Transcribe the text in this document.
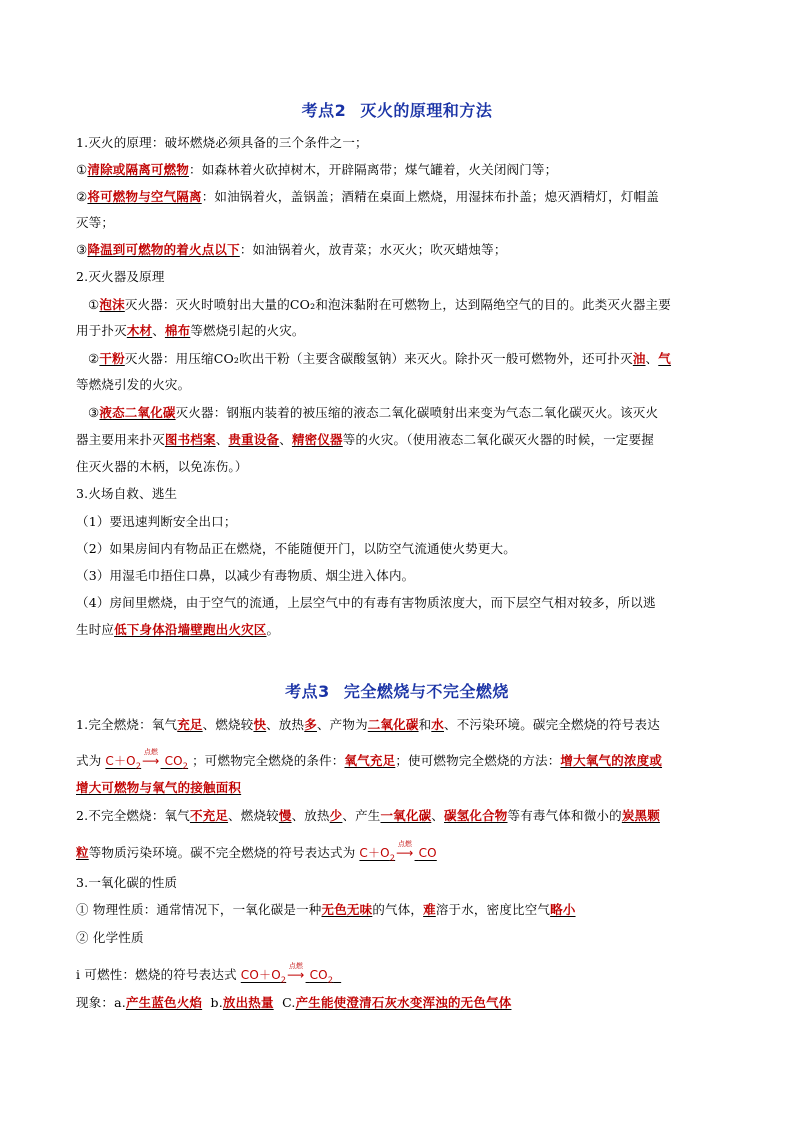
考点2 灭火的原理和方法
1.灭火的原理：破坏燃烧必须具备的三个条件之一；
①清除或隔离可燃物：如森林着火砍掉树木，开辟隔离带；煤气罐着，火关闭阀门等；
②将可燃物与空气隔离：如油锅着火，盖锅盖；酒精在桌面上燃烧，用湿抹布扑盖；熄灭酒精灯，灯帽盖
灭等；
③降温到可燃物的着火点以下：如油锅着火，放青菜；水灭火；吹灭蜡烛等；
2.灭火器及原理
①泡沫灭火器：灭火时喷射出大量的CO₂和泡沫黏附在可燃物上，达到隔绝空气的目的。此类灭火器主要
用于扑灭木材、棉布等燃烧引起的火灾。
②干粉灭火器：用压缩CO₂吹出干粉（主要含碳酸氢钠）来灭火。除扑灭一般可燃物外，还可扑灭油、气
等燃烧引发的火灾。
③液态二氧化碳灭火器：钢瓶内装着的被压缩的液态二氧化碳喷射出来变为气态二氧化碳灭火。该灭火
器主要用来扑灭图书档案、贵重设备、精密仪器等的火灾。（使用液态二氧化碳灭火器的时候，一定要握
住灭火器的木柄，以免冻伤。）
3.火场自救、逃生
（1）要迅速判断安全出口；
（2）如果房间内有物品正在燃烧，不能随便开门，以防空气流通使火势更大。
（3）用湿毛巾捂住口鼻，以减少有毒物质、烟尘进入体内。
（4）房间里燃烧，由于空气的流通，上层空气中的有毒有害物质浓度大，而下层空气相对较多，所以逃
生时应低下身体沿墙壁跑出火灾区。
考点3 完全燃烧与不完全燃烧
1.完全燃烧：氧气充足、燃烧较快、放热多、产物为二氧化碳和水、不污染环境。碳完全燃烧的符号表达
式为 $C+O_2$
点燃
⟶ $CO_2$ ；可燃物完全燃烧的条件：氧气充足；使可燃物完全燃烧的方法：增大氧气的浓度或
增大可燃物与氧气的接触面积
2.不完全燃烧：氧气不充足、燃烧较慢、放热少、产生一氧化碳、碳氢化合物等有毒气体和微小的炭黑颗
粒等物质污染环境。碳不完全燃烧的符号表达式为 $C+O_2$
点燃
⟶ CO
3.一氧化碳的性质
① 物理性质：通常情况下，一氧化碳是一种无色无味的气体，难溶于水，密度比空气略小
② 化学性质
i 可燃性：燃烧的符号表达式 $CO+O_2$
点燃
⟶ $CO_2$
现象：a.产生蓝色火焰 b.放出热量 C.产生能使澄清石灰水变浑浊的无色气体
